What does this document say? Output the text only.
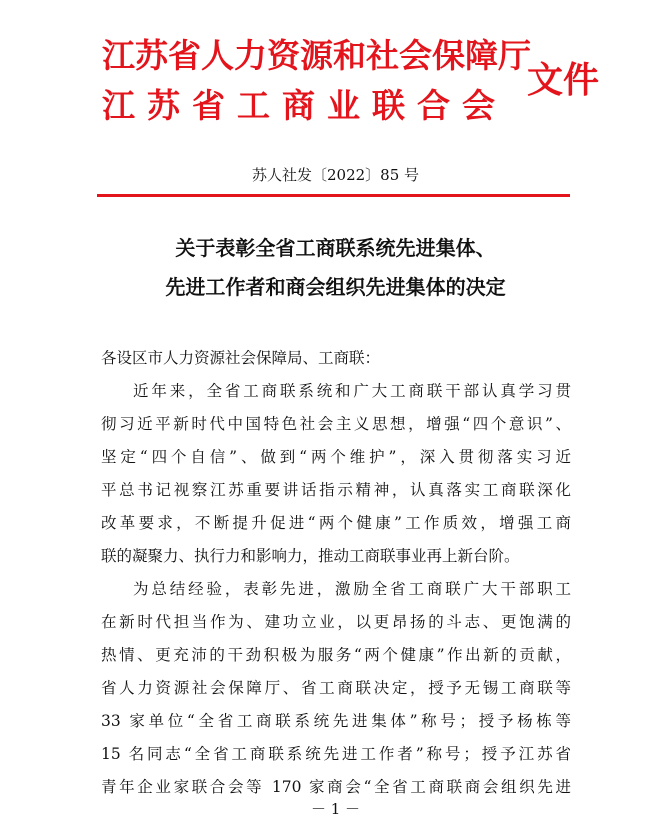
江苏省人力资源和社会保障厅
江苏省工商业联合会
文件
苏人社发〔2022〕85 号
关于表彰全省工商联系统先进集体、
先进工作者和商会组织先进集体的决定
各设区市人力资源社会保障局、工商联：
近年来，全省工商联系统和广大工商联干部认真学习贯
彻习近平新时代中国特色社会主义思想，增强“四个意识”、
坚定“四个自信”、做到“两个维护”，深入贯彻落实习近
平总书记视察江苏重要讲话指示精神，认真落实工商联深化
改革要求，不断提升促进“两个健康”工作质效，增强工商
联的凝聚力、执行力和影响力，推动工商联事业再上新台阶。
为总结经验，表彰先进，激励全省工商联广大干部职工
在新时代担当作为、建功立业，以更昂扬的斗志、更饱满的
热情、更充沛的干劲积极为服务“两个健康”作出新的贡献，
省人力资源社会保障厅、省工商联决定，授予无锡工商联等
33 家单位“全省工商联系统先进集体”称号；授予杨栋等
15 名同志“全省工商联系统先进工作者”称号；授予江苏省
青年企业家联合会等 170 家商会“全省工商联商会组织先进
－ 1 －
